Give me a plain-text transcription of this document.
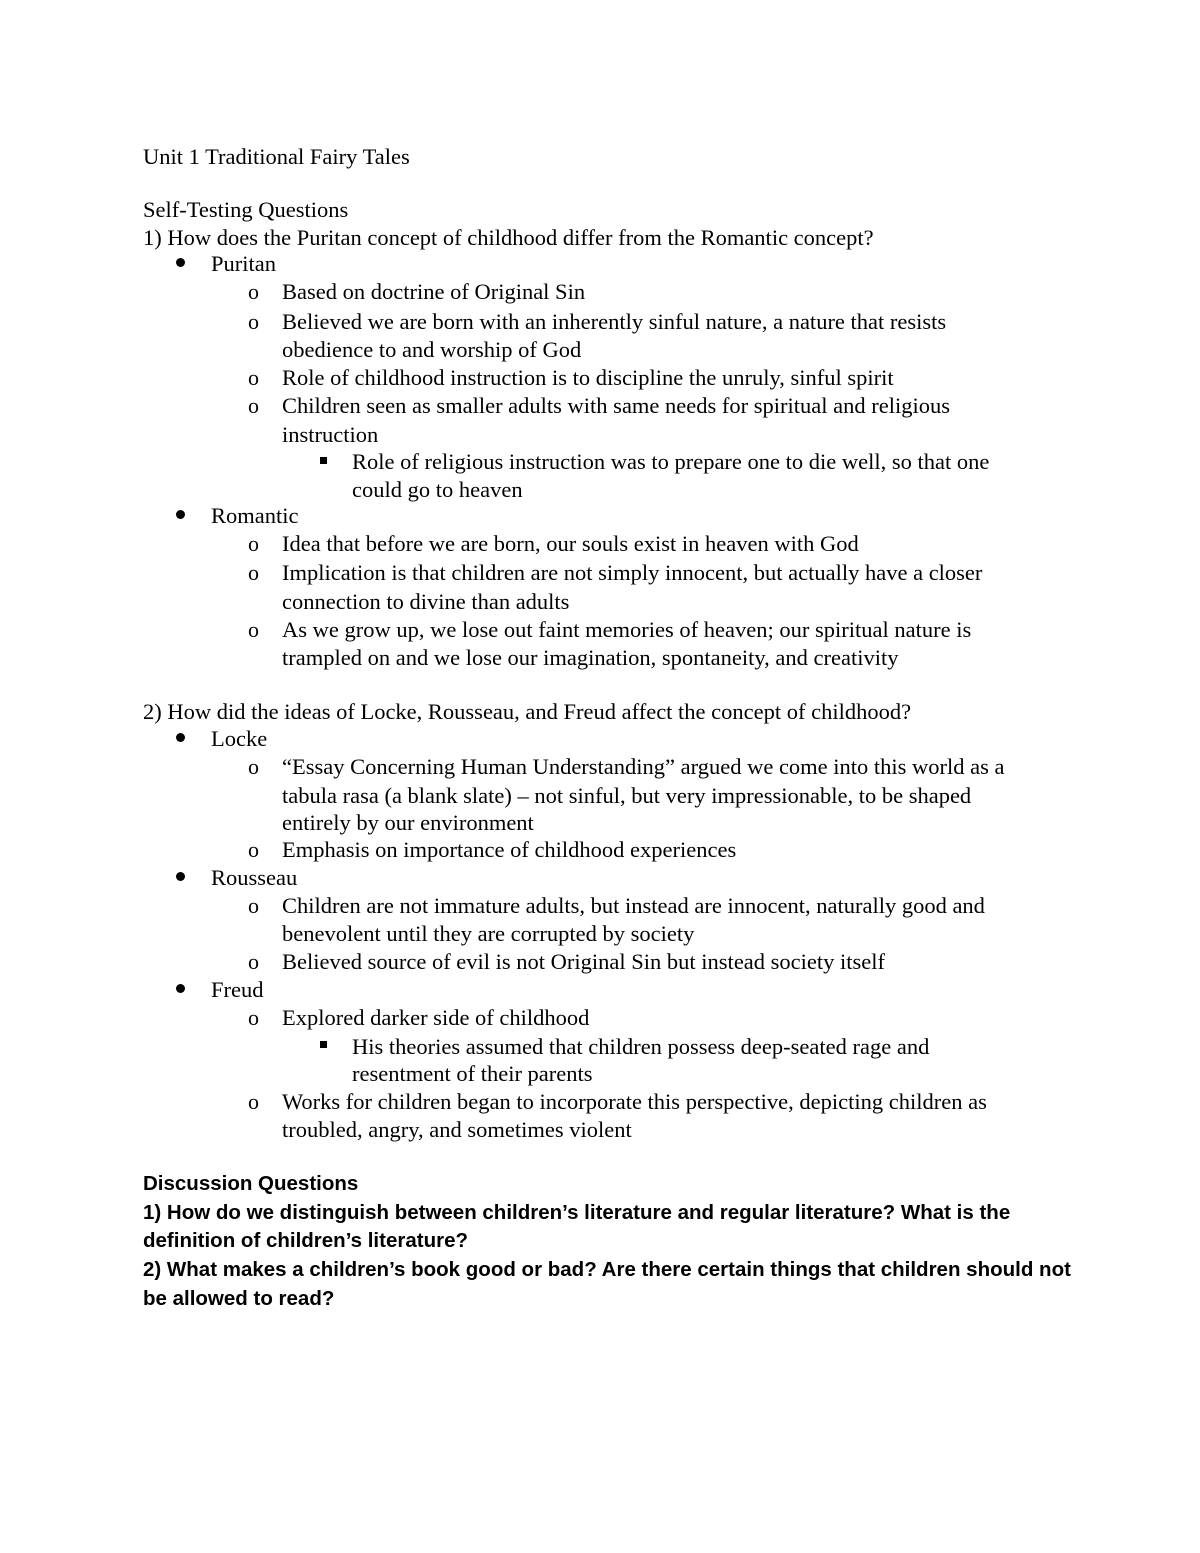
Unit 1 Traditional Fairy Tales
Self-Testing Questions
1) How does the Puritan concept of childhood differ from the Romantic concept?
Puritan
o Based on doctrine of Original Sin
o Believed we are born with an inherently sinful nature, a nature that resists
obedience to and worship of God
o Role of childhood instruction is to discipline the unruly, sinful spirit
o Children seen as smaller adults with same needs for spiritual and religious
instruction
Role of religious instruction was to prepare one to die well, so that one
could go to heaven
Romantic
o Idea that before we are born, our souls exist in heaven with God
o Implication is that children are not simply innocent, but actually have a closer
connection to divine than adults
o As we grow up, we lose out faint memories of heaven; our spiritual nature is
trampled on and we lose our imagination, spontaneity, and creativity
2) How did the ideas of Locke, Rousseau, and Freud affect the concept of childhood?
Locke
o “Essay Concerning Human Understanding” argued we come into this world as a
tabula rasa (a blank slate) – not sinful, but very impressionable, to be shaped
entirely by our environment
o Emphasis on importance of childhood experiences
Rousseau
o Children are not immature adults, but instead are innocent, naturally good and
benevolent until they are corrupted by society
o Believed source of evil is not Original Sin but instead society itself
Freud
o Explored darker side of childhood
His theories assumed that children possess deep-seated rage and
resentment of their parents
o Works for children began to incorporate this perspective, depicting children as
troubled, angry, and sometimes violent
Discussion Questions
1) How do we distinguish between children’s literature and regular literature? What is the
definition of children’s literature?
2) What makes a children’s book good or bad? Are there certain things that children should not
be allowed to read?
